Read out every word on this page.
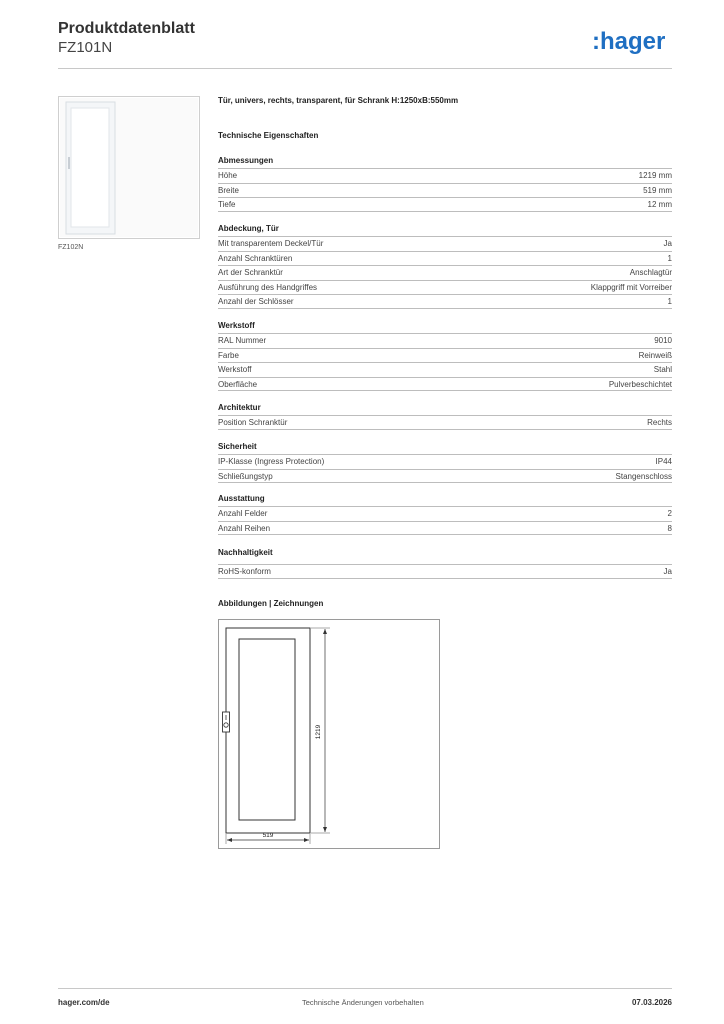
Produktdatenblatt
FZ101N	:hager
FZ102N
Tür, univers, rechts, transparent, für Schrank H:1250xB:550mm
Technische Eigenschaften
Abmessungen
Höhe	1219 mm
Breite	519 mm
Tiefe	12 mm
Abdeckung, Tür
Mit transparentem Deckel/Tür	Ja
Anzahl Schranktüren	1
Art der Schranktür	Anschlagtür
Ausführung des Handgriffes	Klappgriff mit Vorreiber
Anzahl der Schlösser	1
Werkstoff
RAL Nummer	9010
Farbe	Reinweiß
Werkstoff	Stahl
Oberfläche	Pulverbeschichtet
Architektur
Position Schranktür	Rechts
Sicherheit
IP-Klasse (Ingress Protection)	IP44
Schließungstyp	Stangenschloss
Ausstattung
Anzahl Felder	2
Anzahl Reihen	8
Nachhaltigkeit
RoHS-konform	Ja
Abbildungen | Zeichnungen
1219
519
hager.com/de	Technische Änderungen vorbehalten	07.03.2026
